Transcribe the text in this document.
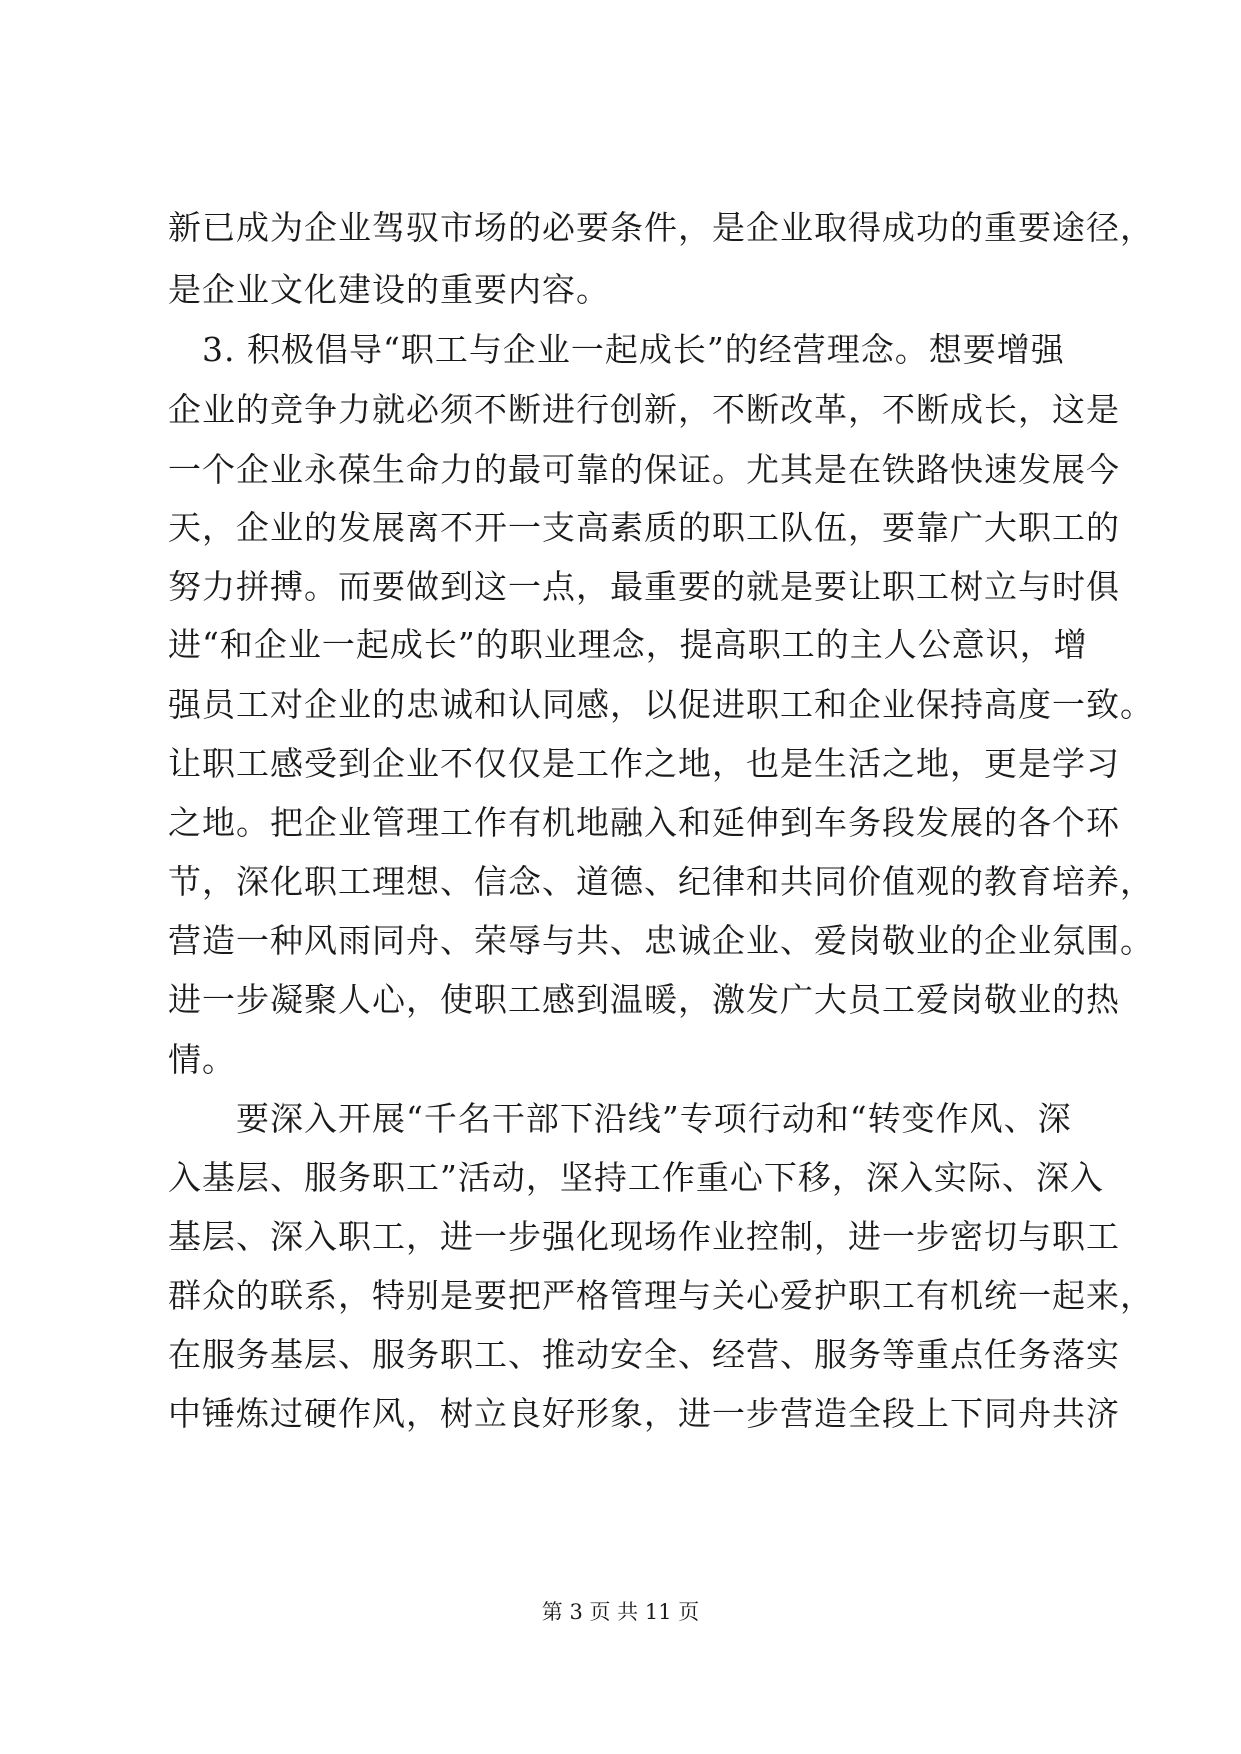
新已成为企业驾驭市场的必要条件，是企业取得成功的重要途径，
是企业文化建设的重要内容。
　3. 积极倡导“职工与企业一起成长”的经营理念。想要增强
企业的竞争力就必须不断进行创新，不断改革，不断成长，这是
一个企业永葆生命力的最可靠的保证。尤其是在铁路快速发展今
天，企业的发展离不开一支高素质的职工队伍，要靠广大职工的
努力拼搏。而要做到这一点，最重要的就是要让职工树立与时俱
进“和企业一起成长”的职业理念，提高职工的主人公意识，增
强员工对企业的忠诚和认同感，以促进职工和企业保持高度一致。
让职工感受到企业不仅仅是工作之地，也是生活之地，更是学习
之地。把企业管理工作有机地融入和延伸到车务段发展的各个环
节，深化职工理想、信念、道德、纪律和共同价值观的教育培养，
营造一种风雨同舟、荣辱与共、忠诚企业、爱岗敬业的企业氛围。
进一步凝聚人心，使职工感到温暖，激发广大员工爱岗敬业的热
情。
　　要深入开展“千名干部下沿线”专项行动和“转变作风、深
入基层、服务职工”活动，坚持工作重心下移，深入实际、深入
基层、深入职工，进一步强化现场作业控制，进一步密切与职工
群众的联系，特别是要把严格管理与关心爱护职工有机统一起来，
在服务基层、服务职工、推动安全、经营、服务等重点任务落实
中锤炼过硬作风，树立良好形象，进一步营造全段上下同舟共济
第 3 页 共 11 页
